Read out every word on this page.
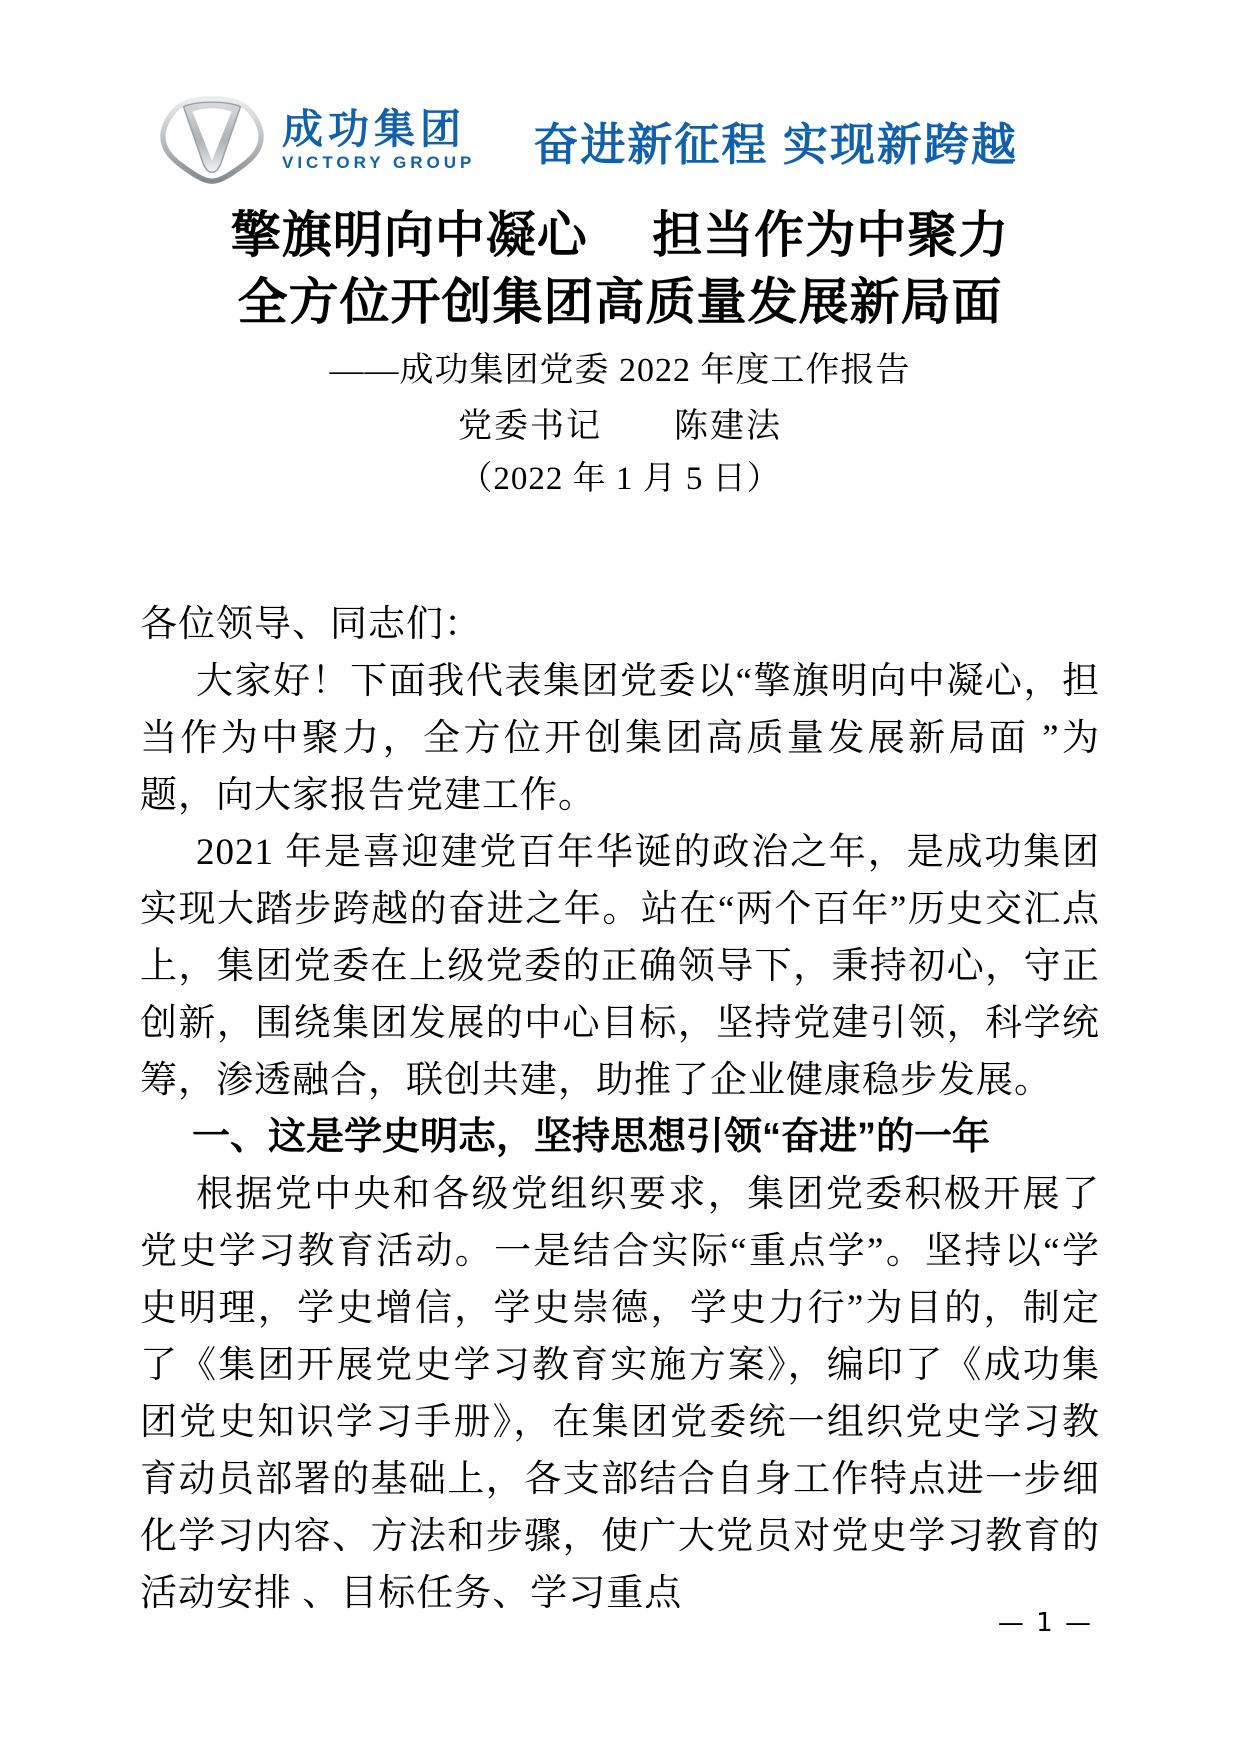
成功集团
VICTORY GROUP 奋进新征程 实现新跨越
擎旗明向中凝心　 担当作为中聚力
全方位开创集团高质量发展新局面
——成功集团党委 2022 年度工作报告
党委书记　　陈建法
（2022 年 1 月 5 日）

各位领导、同志们：

大家好！下面我代表集团党委以“擎旗明向中凝心，担当作为中聚力，全方位开创集团高质量发展新局面 ”为题，向大家报告党建工作。

2021 年是喜迎建党百年华诞的政治之年，是成功集团实现大踏步跨越的奋进之年。站在“两个百年”历史交汇点上，集团党委在上级党委的正确领导下，秉持初心，守正创新，围绕集团发展的中心目标，坚持党建引领，科学统筹，渗透融合，联创共建，助推了企业健康稳步发展。

一、这是学史明志，坚持思想引领“奋进”的一年

根据党中央和各级党组织要求，集团党委积极开展了党史学习教育活动。一是结合实际“重点学”。坚持以“学史明理，学史增信，学史崇德，学史力行”为目的，制定了《集团开展党史学习教育实施方案》，编印了《成功集团党史知识学习手册》，在集团党委统一组织党史学习教育动员部署的基础上，各支部结合自身工作特点进一步细化学习内容、方法和步骤，使广大党员对党史学习教育的活动安排 、目标任务、学习重点

— 1 —
